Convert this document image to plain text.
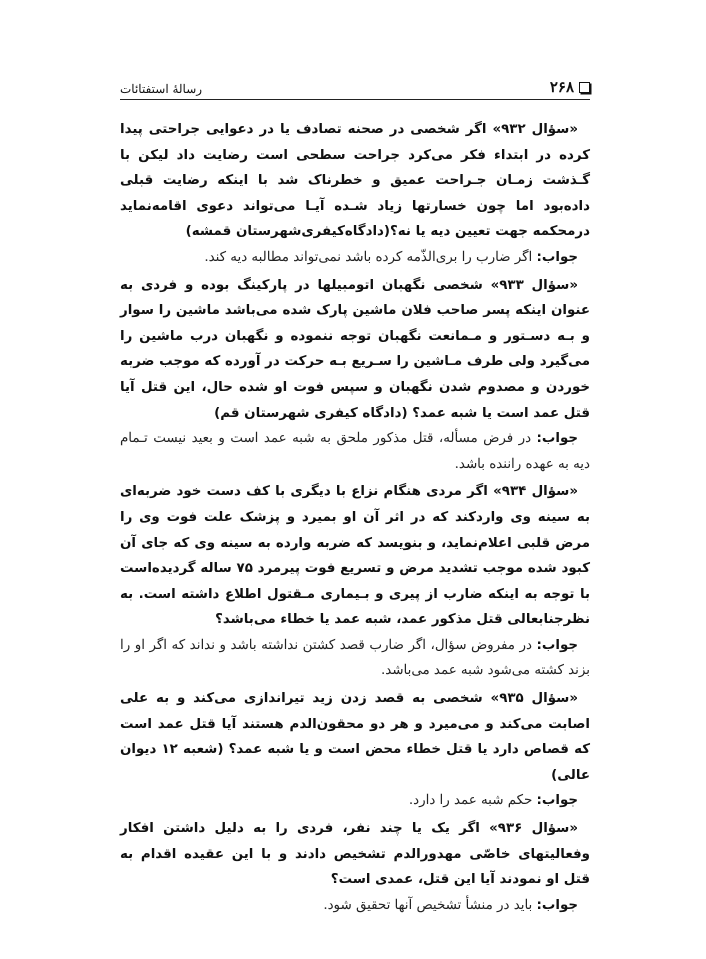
۲۶۸
رسالۀ استفتائات

«سؤال ۹۳۲» اگر شخصی در صحنه تصادف یا در دعوایی جراحتی پیدا کرده در ابتداء فکر می‌کرد جراحت سطحی است رضایت داد لیکن با گـذشت زمـان جـراحت عمیق و خطرناک شد با اینکه رضایت قبلی داده‌بود اما چون خسارتها زیاد شـده آیـا می‌تواند دعوی اقامه‌نماید درمحکمه‌ جهت تعیین دیه یا نه؟(دادگاه‌کیفری‌شهرستان قمشه)

جواب: اگر ضارب را بری‌الذّمه کرده باشد نمی‌تواند مطالبه دیه کند.

«سؤال ۹۳۳» شخصی نگهبان اتومبیلها در پارکینگ بوده و فردی به عنوان اینکه پسر صاحب فلان ماشین پارک شده می‌باشد ماشین را سوار و بـه دسـتور و مـمانعت نگهبان توجه ننموده و نگهبان درب ماشین را می‌گیرد ولی طرف مـاشین را سـریع بـه حرکت در آورده که موجب ضربه خوردن و مصدوم شدن نگهبان و سپس فوت او شده حال، این قتل آیا قتل عمد است یا شبه عمد؟ (دادگاه کیفری شهرستان قم)

جواب: در فرض مسأله، قتل مذکور ملحق به شبه عمد است و بعید نیست تـمام دیه به عهده راننده باشد.

«سؤال ۹۳۴» اگر مردی هنگام نزاع با دیگری با کف دست خود ضربه‌ای به سینه وی واردکند که در اثر آن او بمیرد و پزشک علت فوت وی را مرض قلبی اعلام‌نماید، و بنویسد که ضربه وارده به سینه وی که جای آن کبود شده موجب تشدید مرض و تسریع فوت پیرمرد ۷۵ ساله گردیده‌است با توجه به اینکه ضارب از پیری و بـیماری مـقتول اطلاع داشته است. به نظرجنابعالی قتل مذکور عمد، شبه عمد یا خطاء می‌باشد؟

جواب: در مفروض سؤال، اگر ضارب قصد کشتن نداشته باشد و نداند که اگر او را بزند کشته می‌شود شبه عمد می‌باشد.

«سؤال ۹۳۵» شخصی به قصد زدن زید تیراندازی می‌کند و به علی اصابت می‌کند و می‌میرد و هر دو محقون‌الدم هستند آیا قتل عمد است که قصاص دارد یا قتل خطاء محض است و یا شبه عمد؟ (شعبه ۱۲ دیوان عالی)

جواب: حکم شبه عمد را دارد.

«سؤال ۹۳۶» اگر یک یا چند نفر، فردی را به دلیل داشتن افکار وفعالیتهای خاصّی مهدورالدم تشخیص دادند و با این عقیده اقدام به قتل او نمودند آیا این قتل، عمدی است؟

جواب: باید در منشأ تشخیص آنها تحقیق شود.
